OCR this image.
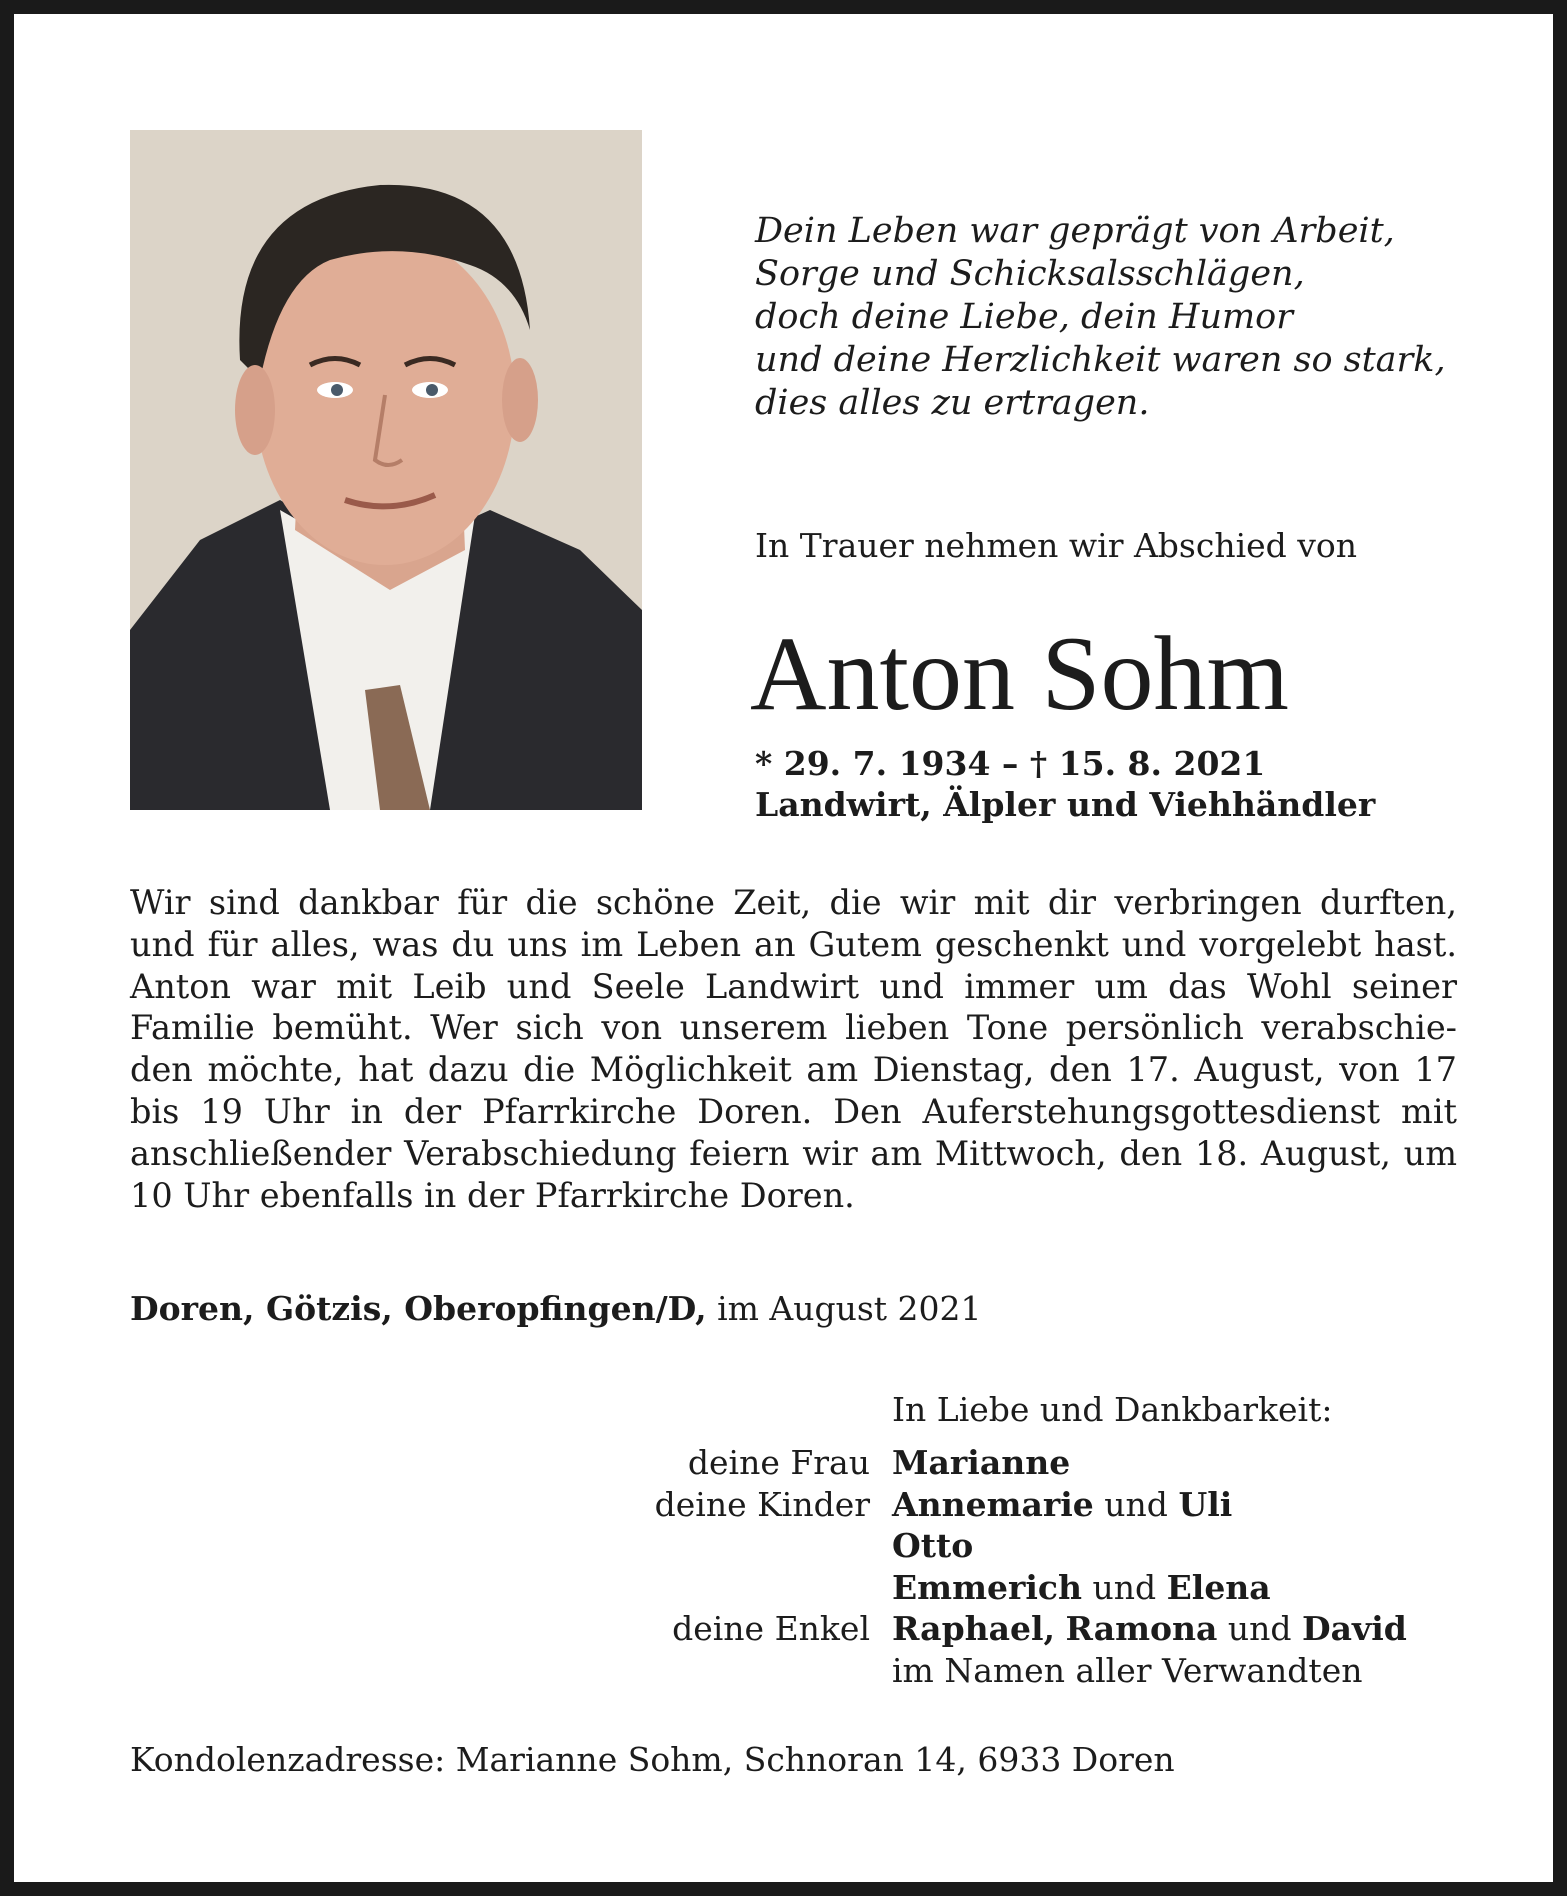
Dein Leben war geprägt von Arbeit,
Sorge und Schicksalsschlägen,
doch deine Liebe, dein Humor
und deine Herzlichkeit waren so stark,
dies alles zu ertragen.
In Trauer nehmen wir Abschied von
Anton Sohm
* 29. 7. 1934 – † 15. 8. 2021
Landwirt, Älpler und Viehhändler
Wir sind dankbar für die schöne Zeit, die wir mit dir verbringen durften,
und für alles, was du uns im Leben an Gutem geschenkt und vorgelebt hast.
Anton war mit Leib und Seele Landwirt und immer um das Wohl seiner
Familie bemüht. Wer sich von unserem lieben Tone persönlich verabschie-
den möchte, hat dazu die Möglichkeit am Dienstag, den 17. August, von 17
bis 19 Uhr in der Pfarrkirche Doren. Den Auferstehungsgottesdienst mit
anschließender Verabschiedung feiern wir am Mittwoch, den 18. August, um
10 Uhr ebenfalls in der Pfarrkirche Doren.
Doren, Götzis, Oberopfingen/D, im August 2021
In Liebe und Dankbarkeit:
deine Frau Marianne
deine Kinder Annemarie und Uli
Otto
Emmerich und Elena
deine Enkel Raphael, Ramona und David
im Namen aller Verwandten
Kondolenzadresse: Marianne Sohm, Schnoran 14, 6933 Doren
